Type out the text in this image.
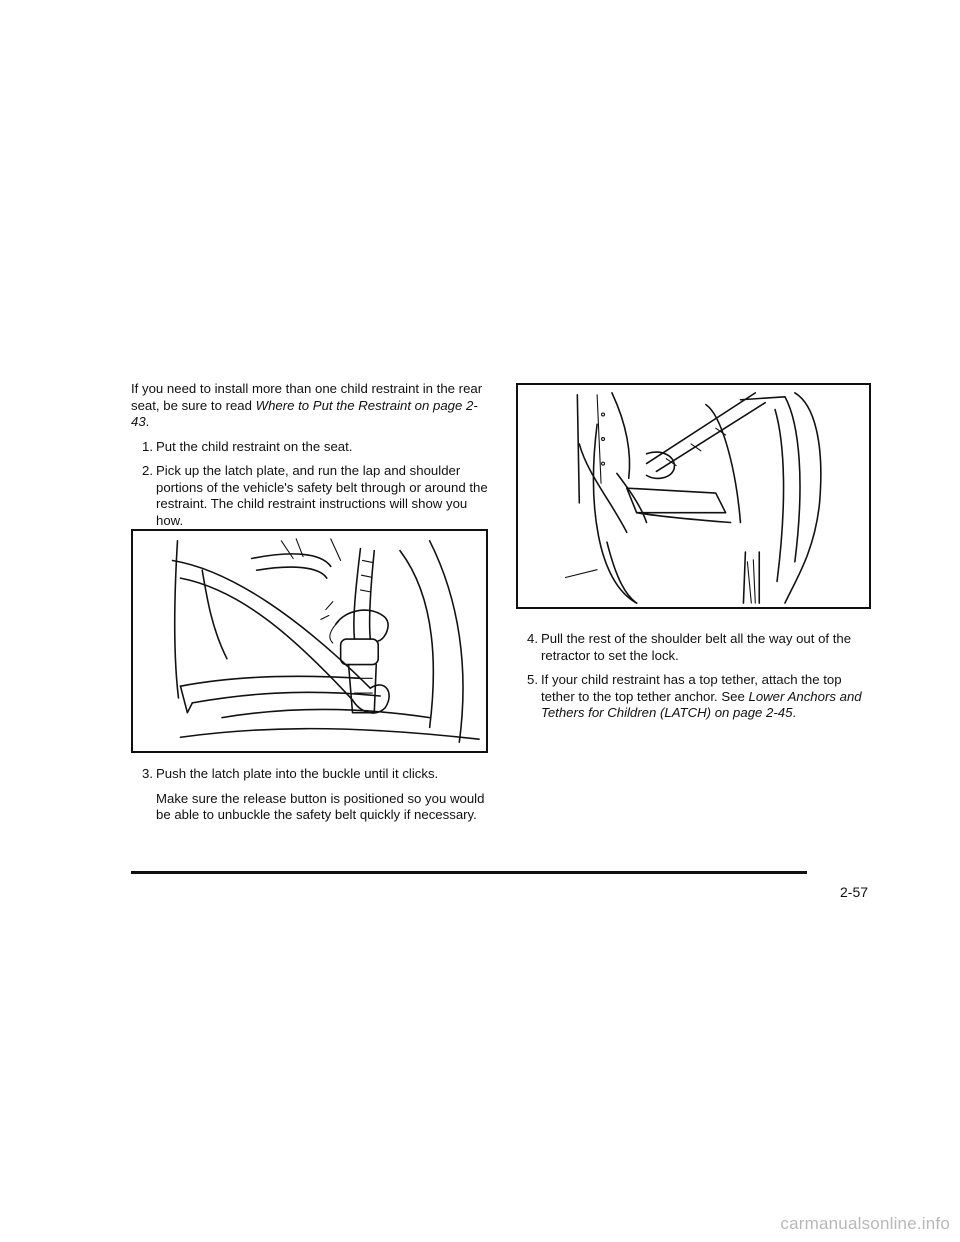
If you need to install more than one child restraint in the rear seat, be sure to read Where to Put the Restraint on page 2-43.

1. Put the child restraint on the seat.
2. Pick up the latch plate, and run the lap and shoulder portions of the vehicle's safety belt through or around the restraint. The child restraint instructions will show you how.
3. Push the latch plate into the buckle until it clicks.

Make sure the release button is positioned so you would be able to unbuckle the safety belt quickly if necessary.

4. Pull the rest of the shoulder belt all the way out of the retractor to set the lock.
5. If your child restraint has a top tether, attach the top tether to the top tether anchor. See Lower Anchors and Tethers for Children (LATCH) on page 2-45.
2-57
carmanualsonline.info
